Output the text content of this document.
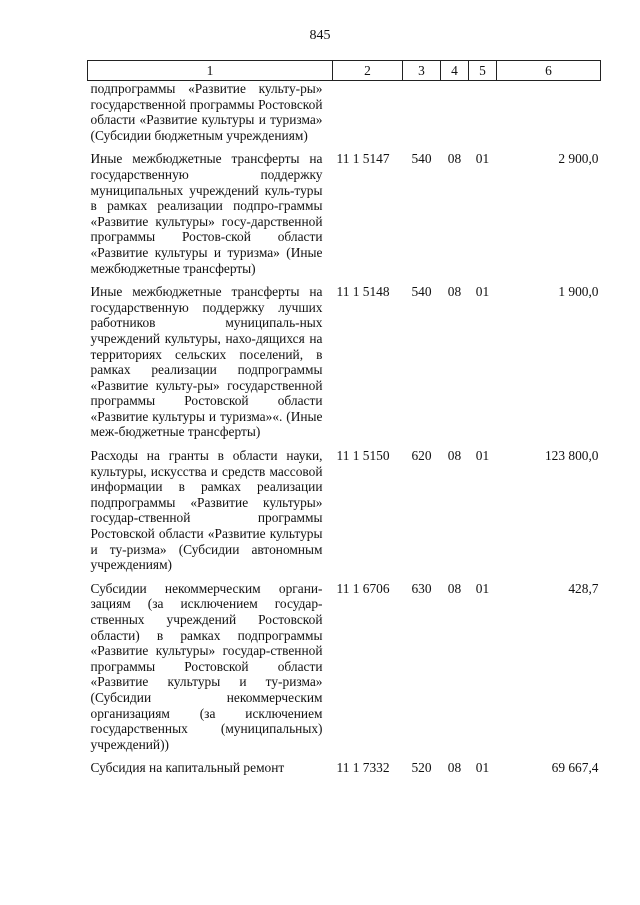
845
1	2	3	4	5	6
подпрограммы «Развитие культу-ры» государственной программы Ростовской области «Развитие культуры и туризма» (Субсидии бюджетным учреждениям)					
Иные межбюджетные трансферты на государственную поддержку муниципальных учреждений куль-туры в рамках реализации подпро-граммы «Развитие культуры» госу-дарственной программы Ростов-ской области «Развитие культуры и туризма» (Иные межбюджетные трансферты)	11 1 5147	540	08	01	2 900,0
Иные межбюджетные трансферты на государственную поддержку лучших работников муниципаль-ных учреждений культуры, нахо-дящихся на территориях сельских поселений, в рамках реализации подпрограммы «Развитие культу-ры» государственной программы Ростовской области «Развитие культуры и туризма»«. (Иные меж-бюджетные трансферты)	11 1 5148	540	08	01	1 900,0
Расходы на гранты в области науки, культуры, искусства и средств массовой информации в рамках реализации подпрограммы «Развитие культуры» государ-ственной программы Ростовской области «Развитие культуры и ту-ризма» (Субсидии автономным учреждениям)	11 1 5150	620	08	01	123 800,0
Субсидии некоммерческим органи-зациям (за исключением государ-ственных учреждений Ростовской области) в рамках подпрограммы «Развитие культуры» государ-ственной программы Ростовской области «Развитие культуры и ту-ризма» (Субсидии некоммерческим организациям (за исключением государственных (муниципальных) учреждений))	11 1 6706	630	08	01	428,7
Субсидия на капитальный ремонт	11 1 7332	520	08	01	69 667,4
